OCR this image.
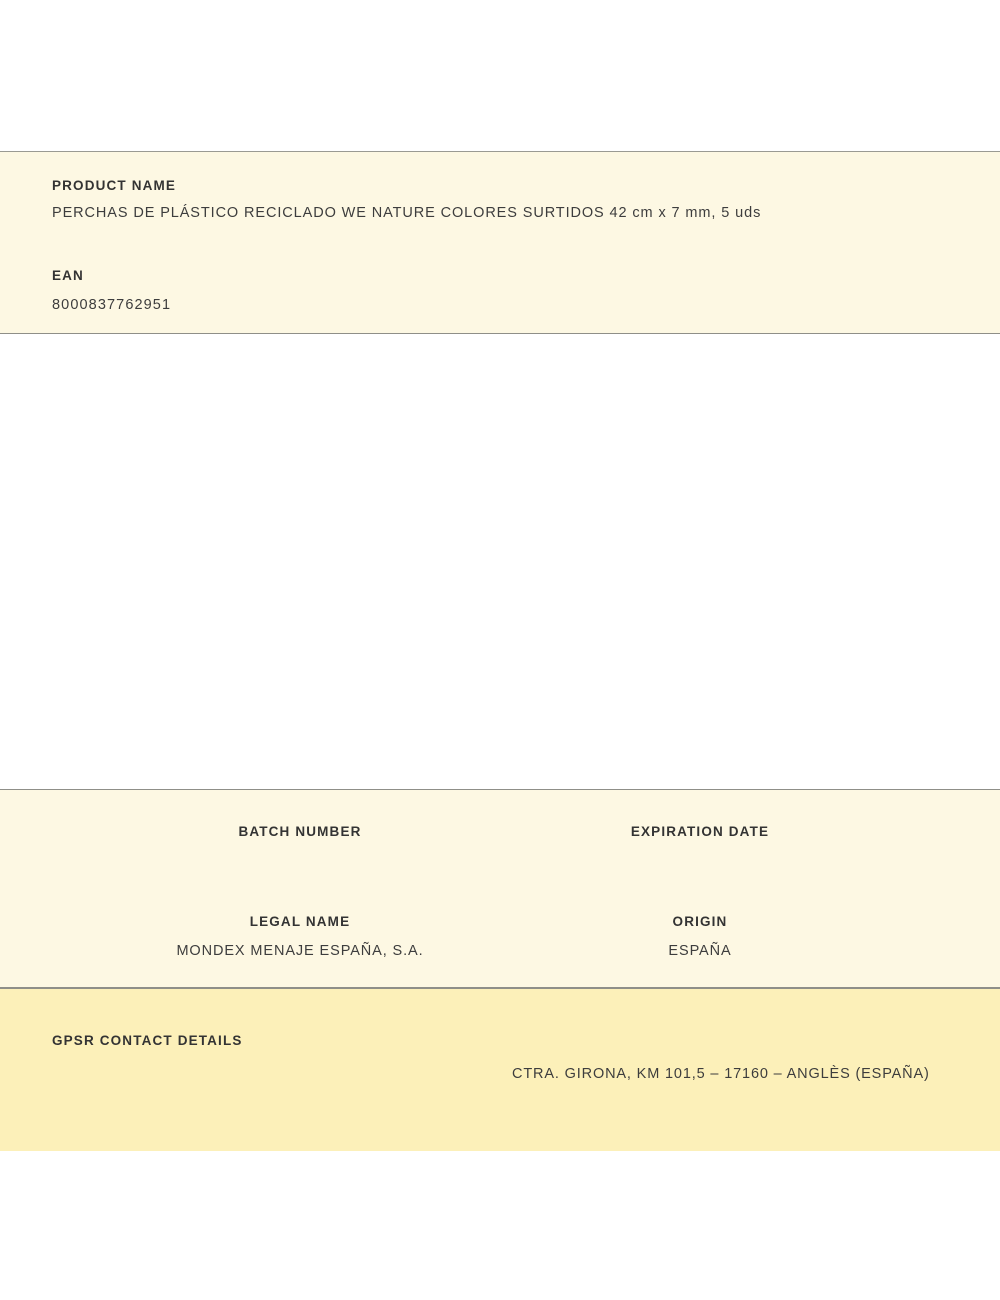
PRODUCT NAME
PERCHAS DE PLÁSTICO RECICLADO WE NATURE COLORES SURTIDOS 42 cm x 7 mm, 5 uds
EAN
8000837762951
BATCH NUMBER	EXPIRATION DATE
LEGAL NAME
MONDEX MENAJE ESPAÑA, S.A.
ORIGIN
ESPAÑA
GPSR CONTACT DETAILS
CTRA. GIRONA, KM 101,5 – 17160 – ANGLÈS (ESPAÑA)
